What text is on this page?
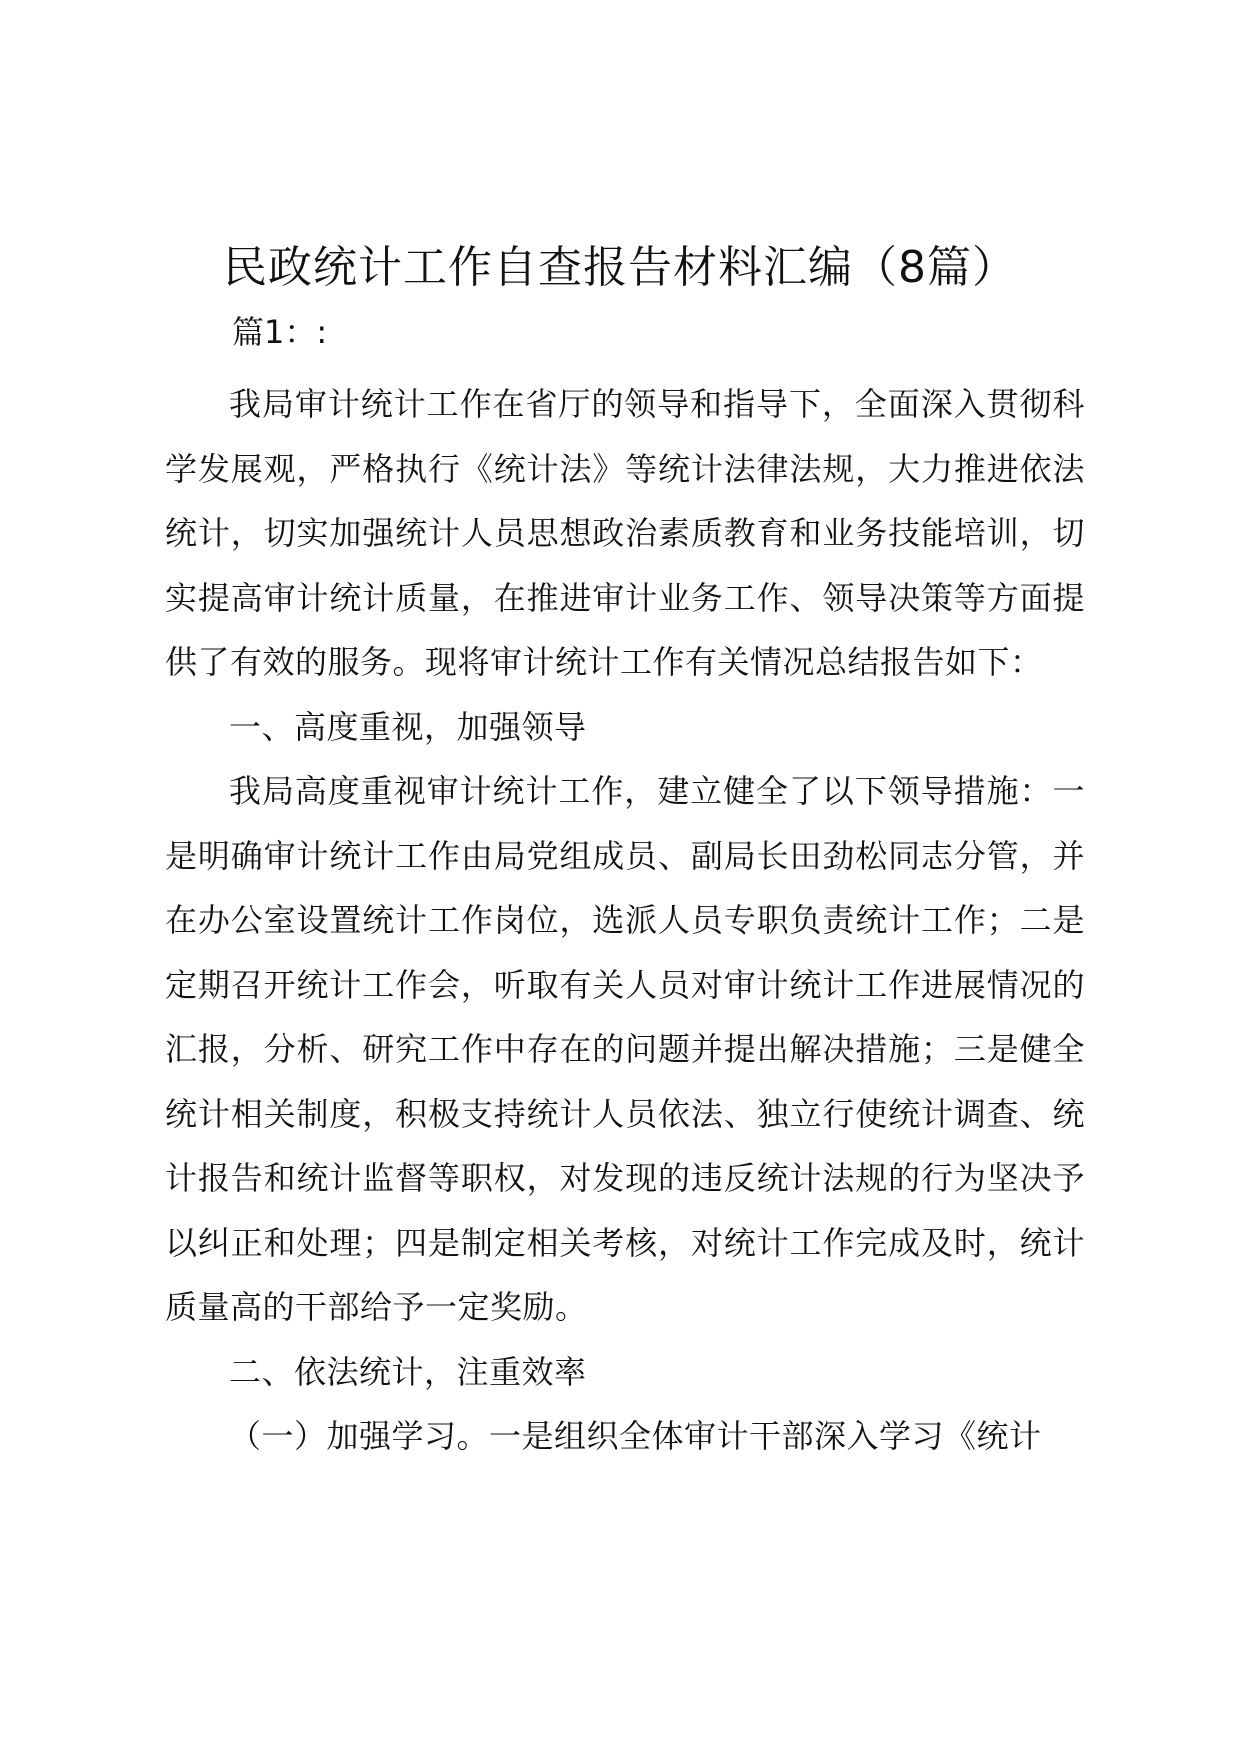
民政统计工作自查报告材料汇编（8篇）
篇1：:

我局审计统计工作在省厅的领导和指导下，全面深入贯彻科学发展观，严格执行《统计法》等统计法律法规，大力推进依法统计，切实加强统计人员思想政治素质教育和业务技能培训，切实提高审计统计质量，在推进审计业务工作、领导决策等方面提供了有效的服务。现将审计统计工作有关情况总结报告如下：

一、高度重视，加强领导

我局高度重视审计统计工作，建立健全了以下领导措施：一是明确审计统计工作由局党组成员、副局长田劲松同志分管，并在办公室设置统计工作岗位，选派人员专职负责统计工作；二是定期召开统计工作会，听取有关人员对审计统计工作进展情况的汇报，分析、研究工作中存在的问题并提出解决措施；三是健全统计相关制度，积极支持统计人员依法、独立行使统计调查、统计报告和统计监督等职权，对发现的违反统计法规的行为坚决予以纠正和处理；四是制定相关考核，对统计工作完成及时，统计质量高的干部给予一定奖励。

二、依法统计，注重效率

（一）加强学习。一是组织全体审计干部深入学习《统计
